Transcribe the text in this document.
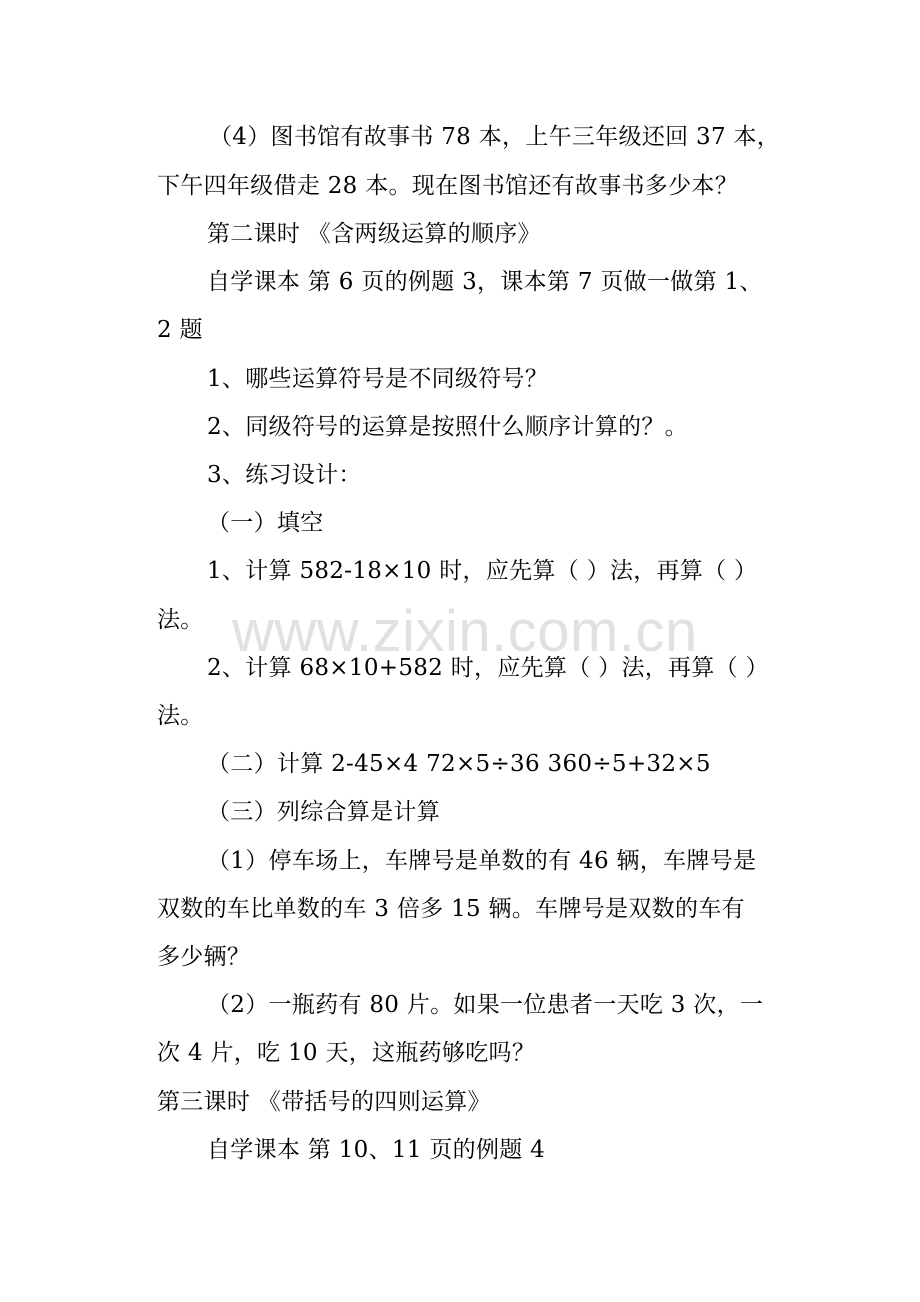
（4）图书馆有故事书 78 本，上午三年级还回 37 本，
下午四年级借走 28 本。现在图书馆还有故事书多少本？
第二课时 《含两级运算的顺序》
自学课本 第 6 页的例题 3，课本第 7 页做一做第 1、
2 题
1、哪些运算符号是不同级符号？
2、同级符号的运算是按照什么顺序计算的？。
3、练习设计：
（一）填空
1、计算 582-18×10 时，应先算（ ）法，再算（ ）
法。
2、计算 68×10+582 时，应先算（ ）法，再算（ ）
法。
（二）计算 2-45×4 72×5÷36 360÷5+32×5
（三）列综合算是计算
（1）停车场上，车牌号是单数的有 46 辆，车牌号是
双数的车比单数的车 3 倍多 15 辆。车牌号是双数的车有
多少辆？
（2）一瓶药有 80 片。如果一位患者一天吃 3 次，一
次 4 片，吃 10 天，这瓶药够吃吗？
第三课时 《带括号的四则运算》
自学课本 第 10、11 页的例题 4
www.zixin.com.cn
